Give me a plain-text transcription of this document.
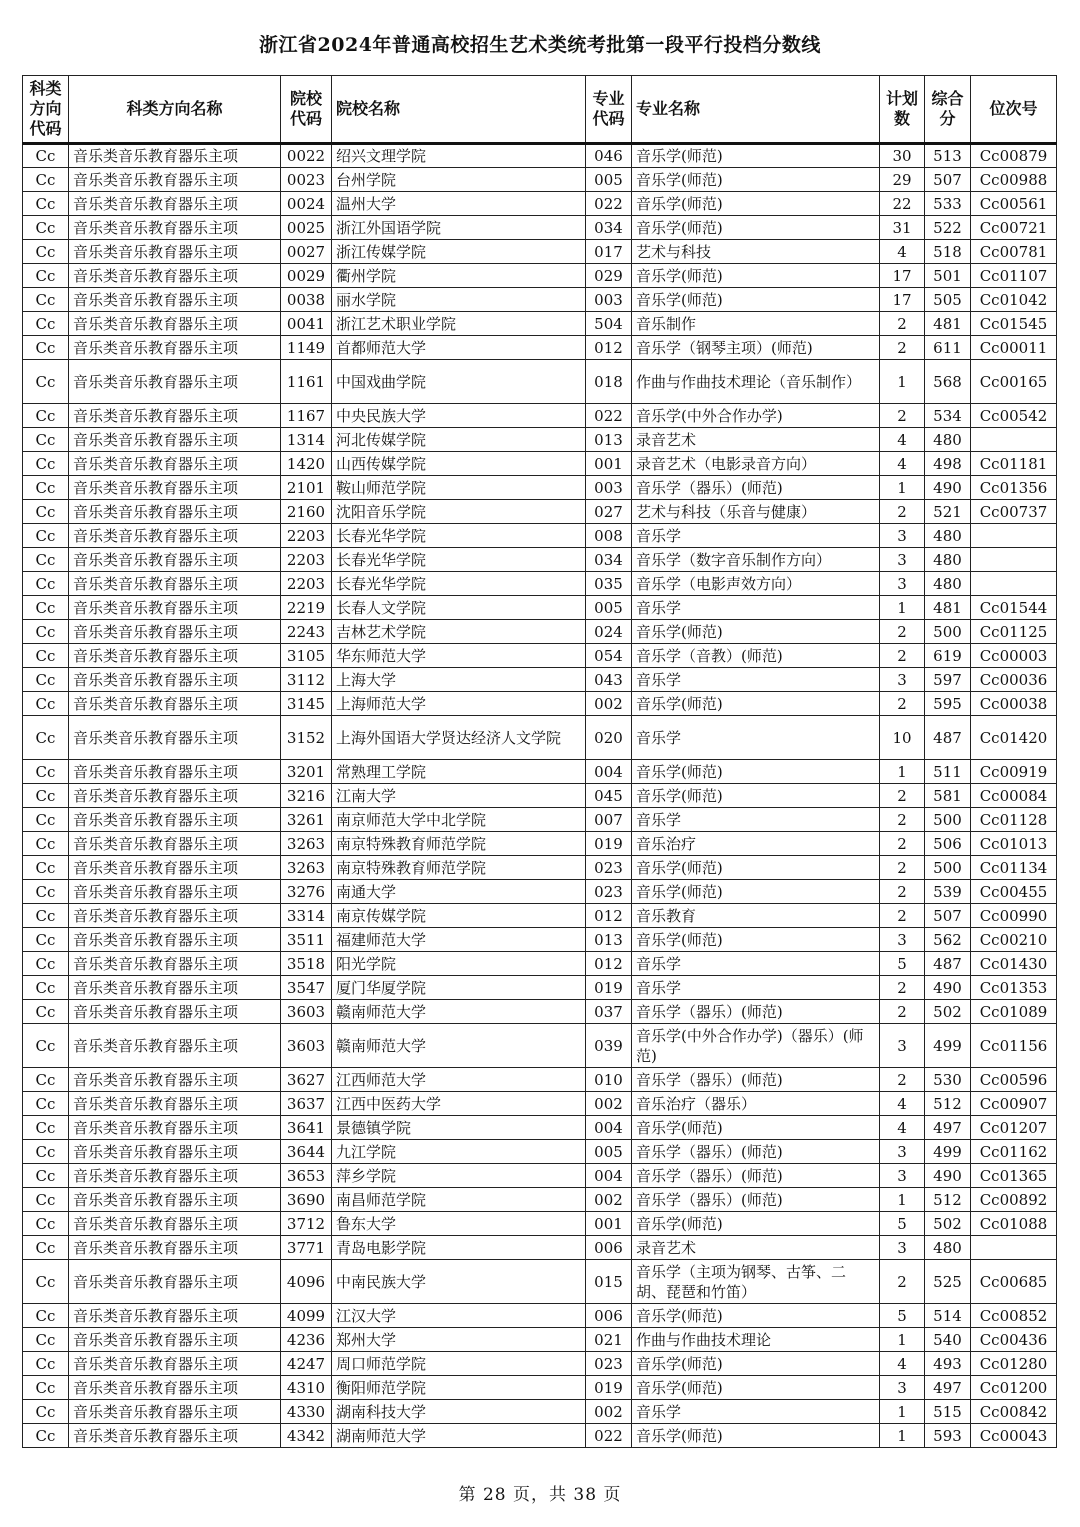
浙江省2024年普通高校招生艺术类统考批第一段平行投档分数线
科类方向代码	科类方向名称	院校代码	院校名称	专业代码	专业名称	计划数	综合分	位次号
Cc	音乐类音乐教育器乐主项	0022	绍兴文理学院	046	音乐学(师范)	30	513	Cc00879
Cc	音乐类音乐教育器乐主项	0023	台州学院	005	音乐学(师范)	29	507	Cc00988
Cc	音乐类音乐教育器乐主项	0024	温州大学	022	音乐学(师范)	22	533	Cc00561
Cc	音乐类音乐教育器乐主项	0025	浙江外国语学院	034	音乐学(师范)	31	522	Cc00721
Cc	音乐类音乐教育器乐主项	0027	浙江传媒学院	017	艺术与科技	4	518	Cc00781
Cc	音乐类音乐教育器乐主项	0029	衢州学院	029	音乐学(师范)	17	501	Cc01107
Cc	音乐类音乐教育器乐主项	0038	丽水学院	003	音乐学(师范)	17	505	Cc01042
Cc	音乐类音乐教育器乐主项	0041	浙江艺术职业学院	504	音乐制作	2	481	Cc01545
Cc	音乐类音乐教育器乐主项	1149	首都师范大学	012	音乐学（钢琴主项）(师范)	2	611	Cc00011
Cc	音乐类音乐教育器乐主项	1161	中国戏曲学院	018	作曲与作曲技术理论（音乐制作）	1	568	Cc00165
Cc	音乐类音乐教育器乐主项	1167	中央民族大学	022	音乐学(中外合作办学)	2	534	Cc00542
Cc	音乐类音乐教育器乐主项	1314	河北传媒学院	013	录音艺术	4	480	
Cc	音乐类音乐教育器乐主项	1420	山西传媒学院	001	录音艺术（电影录音方向）	4	498	Cc01181
Cc	音乐类音乐教育器乐主项	2101	鞍山师范学院	003	音乐学（器乐）(师范)	1	490	Cc01356
Cc	音乐类音乐教育器乐主项	2160	沈阳音乐学院	027	艺术与科技（乐音与健康）	2	521	Cc00737
Cc	音乐类音乐教育器乐主项	2203	长春光华学院	008	音乐学	3	480	
Cc	音乐类音乐教育器乐主项	2203	长春光华学院	034	音乐学（数字音乐制作方向）	3	480	
Cc	音乐类音乐教育器乐主项	2203	长春光华学院	035	音乐学（电影声效方向）	3	480	
Cc	音乐类音乐教育器乐主项	2219	长春人文学院	005	音乐学	1	481	Cc01544
Cc	音乐类音乐教育器乐主项	2243	吉林艺术学院	024	音乐学(师范)	2	500	Cc01125
Cc	音乐类音乐教育器乐主项	3105	华东师范大学	054	音乐学（音教）(师范)	2	619	Cc00003
Cc	音乐类音乐教育器乐主项	3112	上海大学	043	音乐学	3	597	Cc00036
Cc	音乐类音乐教育器乐主项	3145	上海师范大学	002	音乐学(师范)	2	595	Cc00038
Cc	音乐类音乐教育器乐主项	3152	上海外国语大学贤达经济人文学院	020	音乐学	10	487	Cc01420
Cc	音乐类音乐教育器乐主项	3201	常熟理工学院	004	音乐学(师范)	1	511	Cc00919
Cc	音乐类音乐教育器乐主项	3216	江南大学	045	音乐学(师范)	2	581	Cc00084
Cc	音乐类音乐教育器乐主项	3261	南京师范大学中北学院	007	音乐学	2	500	Cc01128
Cc	音乐类音乐教育器乐主项	3263	南京特殊教育师范学院	019	音乐治疗	2	506	Cc01013
Cc	音乐类音乐教育器乐主项	3263	南京特殊教育师范学院	023	音乐学(师范)	2	500	Cc01134
Cc	音乐类音乐教育器乐主项	3276	南通大学	023	音乐学(师范)	2	539	Cc00455
Cc	音乐类音乐教育器乐主项	3314	南京传媒学院	012	音乐教育	2	507	Cc00990
Cc	音乐类音乐教育器乐主项	3511	福建师范大学	013	音乐学(师范)	3	562	Cc00210
Cc	音乐类音乐教育器乐主项	3518	阳光学院	012	音乐学	5	487	Cc01430
Cc	音乐类音乐教育器乐主项	3547	厦门华厦学院	019	音乐学	2	490	Cc01353
Cc	音乐类音乐教育器乐主项	3603	赣南师范大学	037	音乐学（器乐）(师范)	2	502	Cc01089
Cc	音乐类音乐教育器乐主项	3603	赣南师范大学	039	音乐学(中外合作办学)（器乐）(师范)	3	499	Cc01156
Cc	音乐类音乐教育器乐主项	3627	江西师范大学	010	音乐学（器乐）(师范)	2	530	Cc00596
Cc	音乐类音乐教育器乐主项	3637	江西中医药大学	002	音乐治疗（器乐）	4	512	Cc00907
Cc	音乐类音乐教育器乐主项	3641	景德镇学院	004	音乐学(师范)	4	497	Cc01207
Cc	音乐类音乐教育器乐主项	3644	九江学院	005	音乐学（器乐）(师范)	3	499	Cc01162
Cc	音乐类音乐教育器乐主项	3653	萍乡学院	004	音乐学（器乐）(师范)	3	490	Cc01365
Cc	音乐类音乐教育器乐主项	3690	南昌师范学院	002	音乐学（器乐）(师范)	1	512	Cc00892
Cc	音乐类音乐教育器乐主项	3712	鲁东大学	001	音乐学(师范)	5	502	Cc01088
Cc	音乐类音乐教育器乐主项	3771	青岛电影学院	006	录音艺术	3	480	
Cc	音乐类音乐教育器乐主项	4096	中南民族大学	015	音乐学（主项为钢琴、古筝、二胡、琵琶和竹笛）	2	525	Cc00685
Cc	音乐类音乐教育器乐主项	4099	江汉大学	006	音乐学(师范)	5	514	Cc00852
Cc	音乐类音乐教育器乐主项	4236	郑州大学	021	作曲与作曲技术理论	1	540	Cc00436
Cc	音乐类音乐教育器乐主项	4247	周口师范学院	023	音乐学(师范)	4	493	Cc01280
Cc	音乐类音乐教育器乐主项	4310	衡阳师范学院	019	音乐学(师范)	3	497	Cc01200
Cc	音乐类音乐教育器乐主项	4330	湖南科技大学	002	音乐学	1	515	Cc00842
Cc	音乐类音乐教育器乐主项	4342	湖南师范大学	022	音乐学(师范)	1	593	Cc00043
第 28 页，共 38 页
